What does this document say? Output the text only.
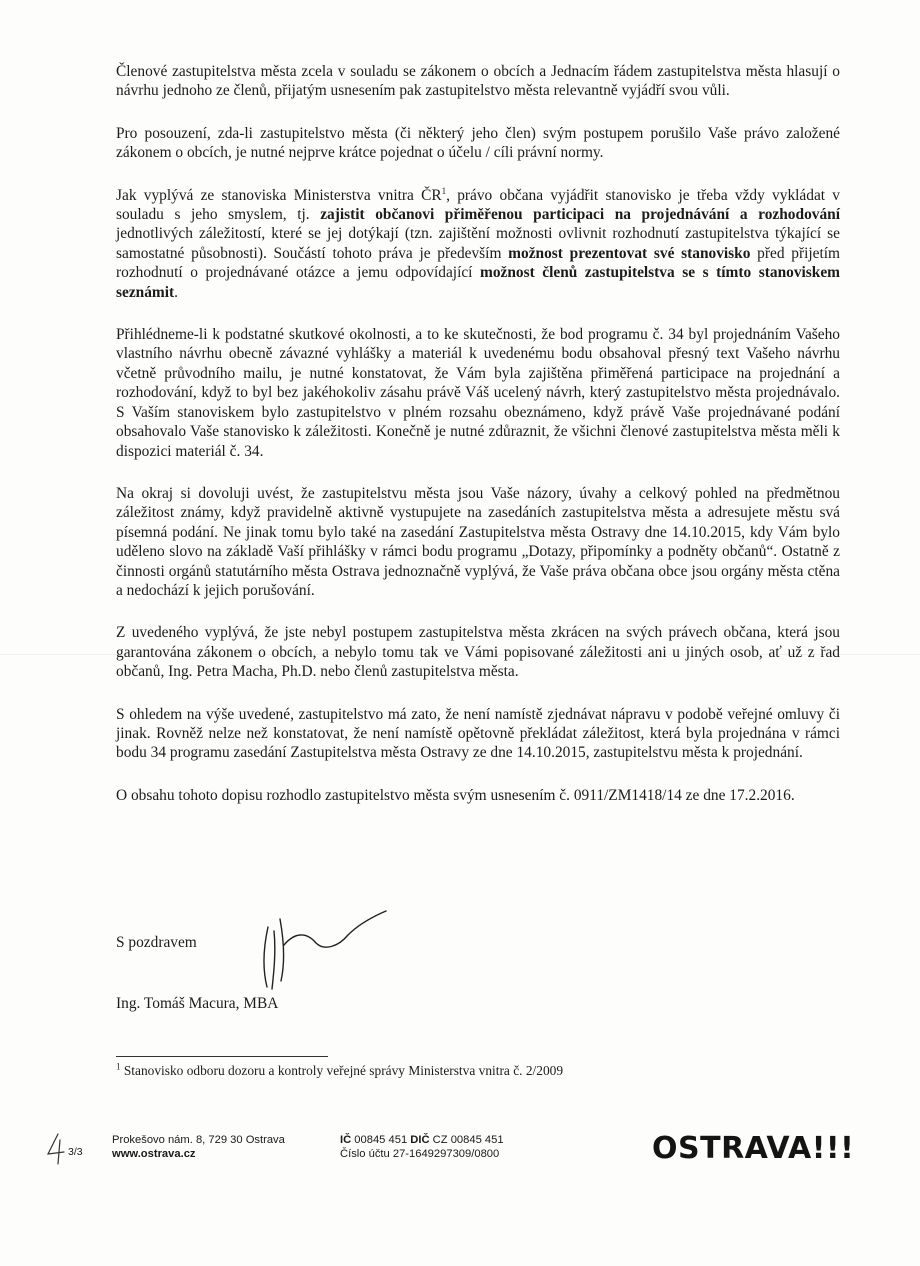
Členové zastupitelstva města zcela v souladu se zákonem o obcích a Jednacím řádem zastupitelstva města hlasují o návrhu jednoho ze členů, přijatým usnesením pak zastupitelstvo města relevantně vyjádří svou vůli.

Pro posouzení, zda-li zastupitelstvo města (či některý jeho člen) svým postupem porušilo Vaše právo založené zákonem o obcích, je nutné nejprve krátce pojednat o účelu / cíli právní normy.

Jak vyplývá ze stanoviska Ministerstva vnitra $ČR^1$, právo občana vyjádřit stanovisko je třeba vždy vykládat v souladu s jeho smyslem, tj. zajistit občanovi přiměřenou participaci na projednávání a rozhodování jednotlivých záležitostí, které se jej dotýkají (tzn. zajištění možnosti ovlivnit rozhodnutí zastupitelstva týkající se samostatné působnosti). Součástí tohoto práva je především možnost prezentovat své stanovisko před přijetím rozhodnutí o projednávané otázce a jemu odpovídající možnost členů zastupitelstva se s tímto stanoviskem seznámit.

Přihlédneme-li k podstatné skutkové okolnosti, a to ke skutečnosti, že bod programu č. 34 byl projednáním Vašeho vlastního návrhu obecně závazné vyhlášky a materiál k uvedenému bodu obsahoval přesný text Vašeho návrhu včetně průvodního mailu, je nutné konstatovat, že Vám byla zajištěna přiměřená participace na projednání a rozhodování, když to byl bez jakéhokoliv zásahu právě Váš ucelený návrh, který zastupitelstvo města projednávalo. S Vaším stanoviskem bylo zastupitelstvo v plném rozsahu obeznámeno, když právě Vaše projednávané podání obsahovalo Vaše stanovisko k záležitosti. Konečně je nutné zdůraznit, že všichni členové zastupitelstva města měli k dispozici materiál č. 34.

Na okraj si dovoluji uvést, že zastupitelstvu města jsou Vaše názory, úvahy a celkový pohled na předmětnou záležitost známy, když pravidelně aktivně vystupujete na zasedáních zastupitelstva města a adresujete městu svá písemná podání. Ne jinak tomu bylo také na zasedání Zastupitelstva města Ostravy dne 14.10.2015, kdy Vám bylo uděleno slovo na základě Vaší přihlášky v rámci bodu programu „Dotazy, připomínky a podněty občanů“. Ostatně z činnosti orgánů statutárního města Ostrava jednoznačně vyplývá, že Vaše práva občana obce jsou orgány města ctěna a nedochází k jejich porušování.

Z uvedeného vyplývá, že jste nebyl postupem zastupitelstva města zkrácen na svých právech občana, která jsou garantována zákonem o obcích, a nebylo tomu tak ve Vámi popisované záležitosti ani u jiných osob, ať už z řad občanů, Ing. Petra Macha, Ph.D. nebo členů zastupitelstva města.

S ohledem na výše uvedené, zastupitelstvo má zato, že není namístě zjednávat nápravu v podobě veřejné omluvy či jinak. Rovněž nelze než konstatovat, že není namístě opětovně překládat záležitost, která byla projednána v rámci bodu 34 programu zasedání Zastupitelstva města Ostravy ze dne 14.10.2015, zastupitelstvu města k projednání.

O obsahu tohoto dopisu rozhodlo zastupitelstvo města svým usnesením č. 0911/ZM1418/14 ze dne 17.2.2016.

S pozdravem
Ing. Tomáš Macura, MBA
$^1$ Stanovisko odboru dozoru a kontroly veřejné správy Ministerstva vnitra č. 2/2009
3/3
Prokešovo nám. 8, 729 30 Ostrava
www.ostrava.cz
IČ 00845 451 DIČ CZ 00845 451
Číslo účtu 27-1649297309/0800	OSTRAVA!!!
